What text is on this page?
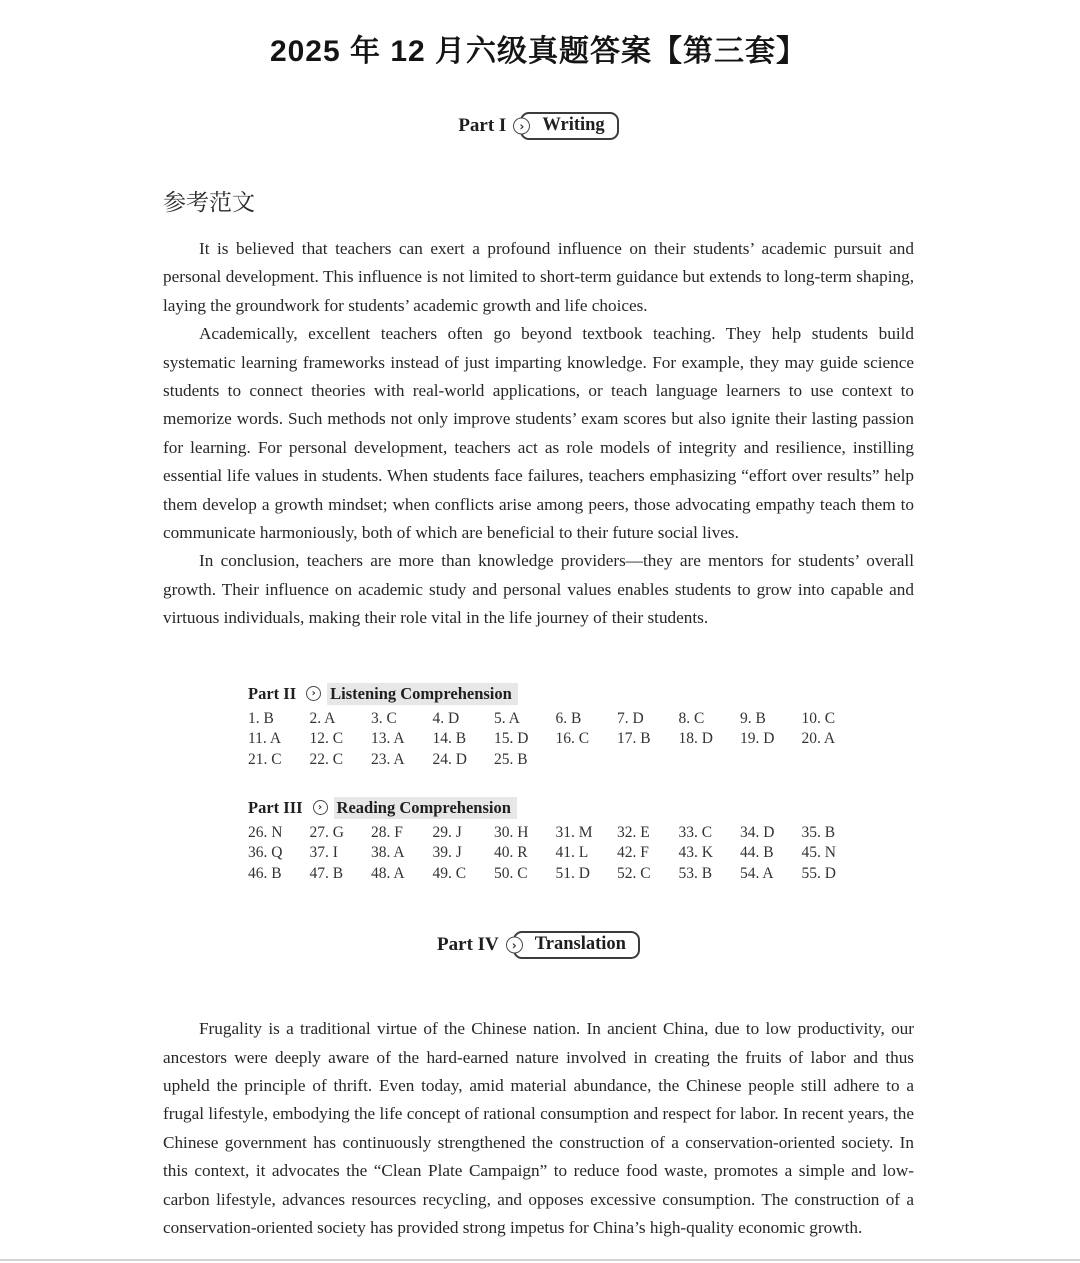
2025 年 12 月六级真题答案【第三套】
Part I	› Writing
参考范文

It is believed that teachers can exert a profound influence on their students’ academic pursuit and personal development. This influence is not limited to short-term guidance but extends to long-term shaping, laying the groundwork for students’ academic growth and life choices.

Academically, excellent teachers often go beyond textbook teaching. They help students build systematic learning frameworks instead of just imparting knowledge. For example, they may guide science students to connect theories with real-world applications, or teach language learners to use context to memorize words. Such methods not only improve students’ exam scores but also ignite their lasting passion for learning. For personal development, teachers act as role models of integrity and resilience, instilling essential life values in students. When students face failures, teachers emphasizing “effort over results” help them develop a growth mindset; when conflicts arise among peers, those advocating empathy teach them to communicate harmoniously, both of which are beneficial to their future social lives.

In conclusion, teachers are more than knowledge providers—they are mentors for students’ overall growth. Their influence on academic study and personal values enables students to grow into capable and virtuous individuals, making their role vital in the life journey of their students.

Part II	› Listening Comprehension
1. B	2. A	3. C	4. D	5. A	6. B	7. D	8. C	9. B	10. C
11. A	12. C	13. A	14. B	15. D	16. C	17. B	18. D	19. D	20. A
21. C	22. C	23. A	24. D	25. B
Part III	› Reading Comprehension
26. N	27. G	28. F	29. J	30. H	31. M	32. E	33. C	34. D	35. B
36. Q	37. I	38. A	39. J	40. R	41. L	42. F	43. K	44. B	45. N
46. B	47. B	48. A	49. C	50. C	51. D	52. C	53. B	54. A	55. D
Part IV	› Translation

Frugality is a traditional virtue of the Chinese nation. In ancient China, due to low productivity, our ancestors were deeply aware of the hard-earned nature involved in creating the fruits of labor and thus upheld the principle of thrift. Even today, amid material abundance, the Chinese people still adhere to a frugal lifestyle, embodying the life concept of rational consumption and respect for labor. In recent years, the Chinese government has continuously strengthened the construction of a conservation-oriented society. In this context, it advocates the “Clean Plate Campaign” to reduce food waste, promotes a simple and low-carbon lifestyle, advances resources recycling, and opposes excessive consumption. The construction of a conservation-oriented society has provided strong impetus for China’s high-quality economic growth.
